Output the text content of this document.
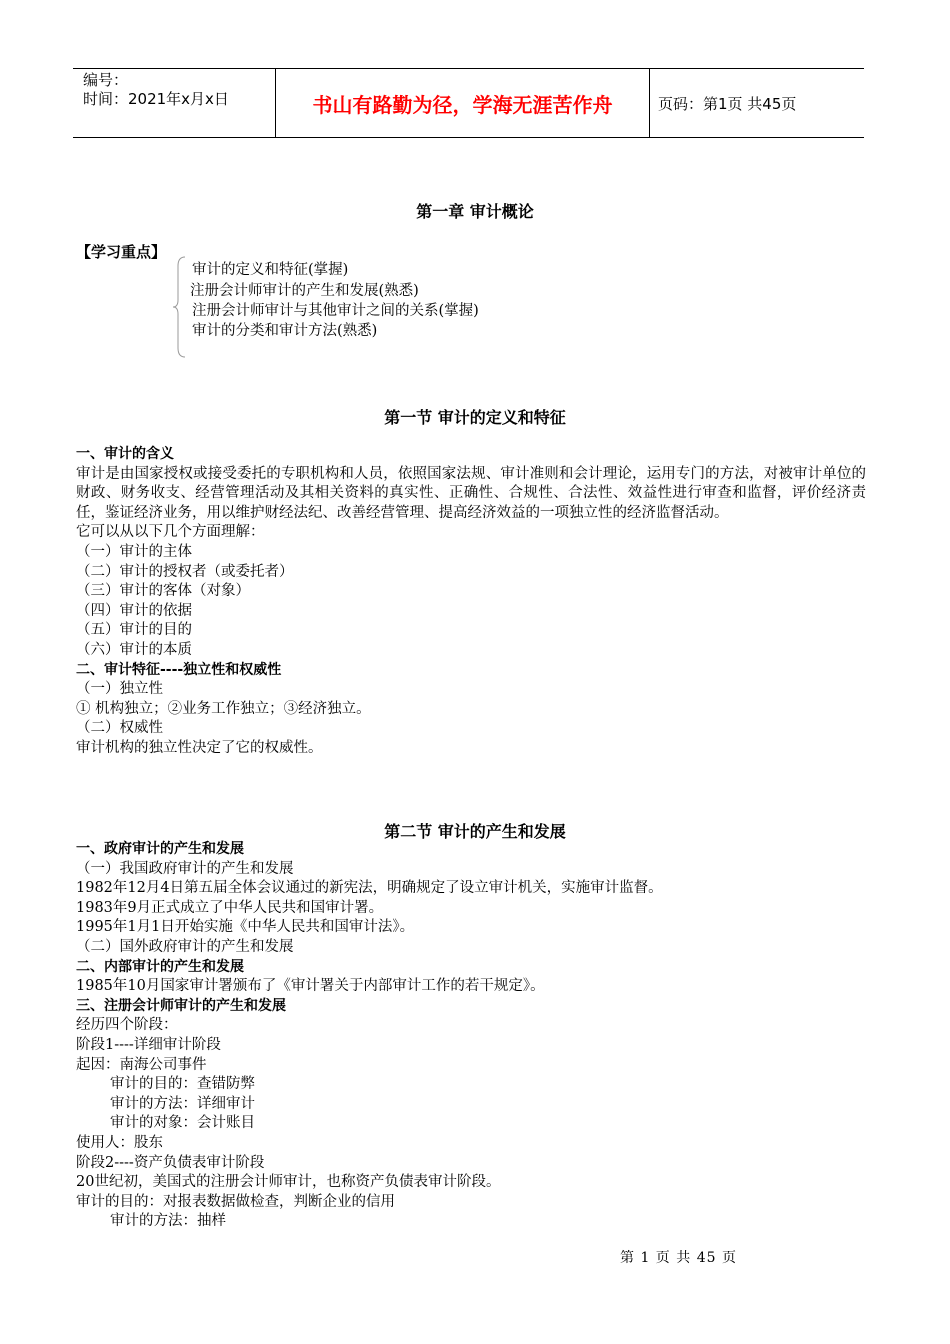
编号：
时间：2021年x月x日	书山有路勤为径，学海无涯苦作舟	页码：第1页 共45页
第一章 审计概论
【学习重点】
审计的定义和特征(掌握)
注册会计师审计的产生和发展(熟悉)
注册会计师审计与其他审计之间的关系(掌握)
审计的分类和审计方法(熟悉)
第一节 审计的定义和特征
一、审计的含义
审计是由国家授权或接受委托的专职机构和人员，依照国家法规、审计准则和会计理论，运用专门的方法，对被审计单位的财政、财务收支、经营管理活动及其相关资料的真实性、正确性、合规性、合法性、效益性进行审查和监督，评价经济责任，鉴证经济业务，用以维护财经法纪、改善经营管理、提高经济效益的一项独立性的经济监督活动。
它可以从以下几个方面理解：
（一）审计的主体
（二）审计的授权者（或委托者）
（三）审计的客体（对象）
（四）审计的依据
（五）审计的目的
（六）审计的本质
二、审计特征----独立性和权威性
（一）独立性
① 机构独立；②业务工作独立；③经济独立。
（二）权威性
审计机构的独立性决定了它的权威性。
第二节 审计的产生和发展
一、政府审计的产生和发展
（一）我国政府审计的产生和发展
1982年12月4日第五届全体会议通过的新宪法，明确规定了设立审计机关，实施审计监督。
1983年9月正式成立了中华人民共和国审计署。
1995年1月1日开始实施《中华人民共和国审计法》。
（二）国外政府审计的产生和发展
二、内部审计的产生和发展
1985年10月国家审计署颁布了《审计署关于内部审计工作的若干规定》。
三、注册会计师审计的产生和发展
经历四个阶段：
阶段1----详细审计阶段
起因：南海公司事件
审计的目的：查错防弊
审计的方法：详细审计
审计的对象：会计账目
使用人：股东
阶段2----资产负债表审计阶段
20世纪初，美国式的注册会计师审计，也称资产负债表审计阶段。
审计的目的：对报表数据做检查，判断企业的信用
审计的方法：抽样
第 1 页 共 45 页
